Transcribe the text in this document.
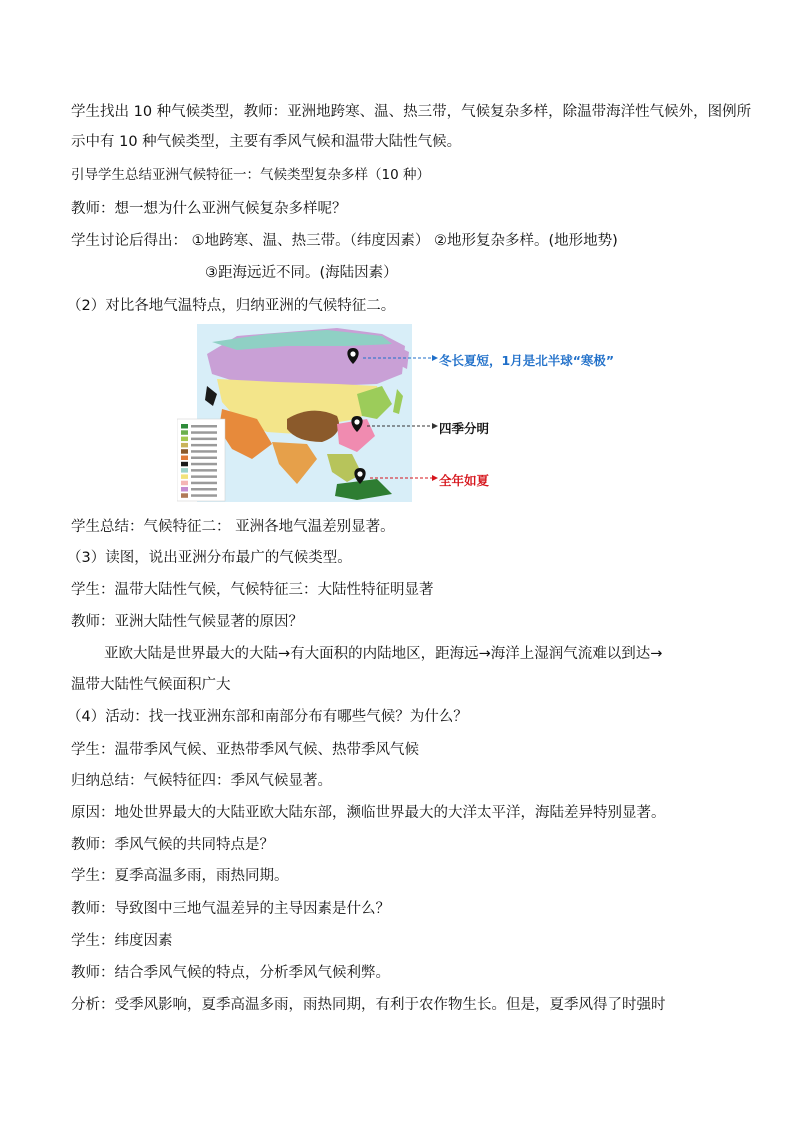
学生找出 10 种气候类型，教师：亚洲地跨寒、温、热三带，气候复杂多样，除温带海洋性气候外，图例所
示中有 10 种气候类型，主要有季风气候和温带大陆性气候。
引导学生总结亚洲气候特征一：气候类型复杂多样（10 种）
教师：想一想为什么亚洲气候复杂多样呢？
学生讨论后得出： ①地跨寒、温、热三带。（纬度因素） ②地形复杂多样。(地形地势)
③距海远近不同。(海陆因素）
（2）对比各地气温特点，归纳亚洲的气候特征二。
冬长夏短，1月是北半球“寒极”
四季分明
全年如夏
学生总结：气候特征二： 亚洲各地气温差别显著。
（3）读图，说出亚洲分布最广的气候类型。
学生：温带大陆性气候，气候特征三：大陆性特征明显著
教师：亚洲大陆性气候显著的原因？
亚欧大陆是世界最大的大陆→有大面积的内陆地区，距海远→海洋上湿润气流难以到达→
温带大陆性气候面积广大
（4）活动：找一找亚洲东部和南部分布有哪些气候？为什么？
学生：温带季风气候、亚热带季风气候、热带季风气候
归纳总结：气候特征四：季风气候显著。
原因：地处世界最大的大陆亚欧大陆东部，濒临世界最大的大洋太平洋，海陆差异特别显著。
教师：季风气候的共同特点是？
学生：夏季高温多雨，雨热同期。
教师：导致图中三地气温差异的主导因素是什么？
学生：纬度因素
教师：结合季风气候的特点，分析季风气候利弊。
分析：受季风影响，夏季高温多雨，雨热同期，有利于农作物生长。但是，夏季风得了时强时
